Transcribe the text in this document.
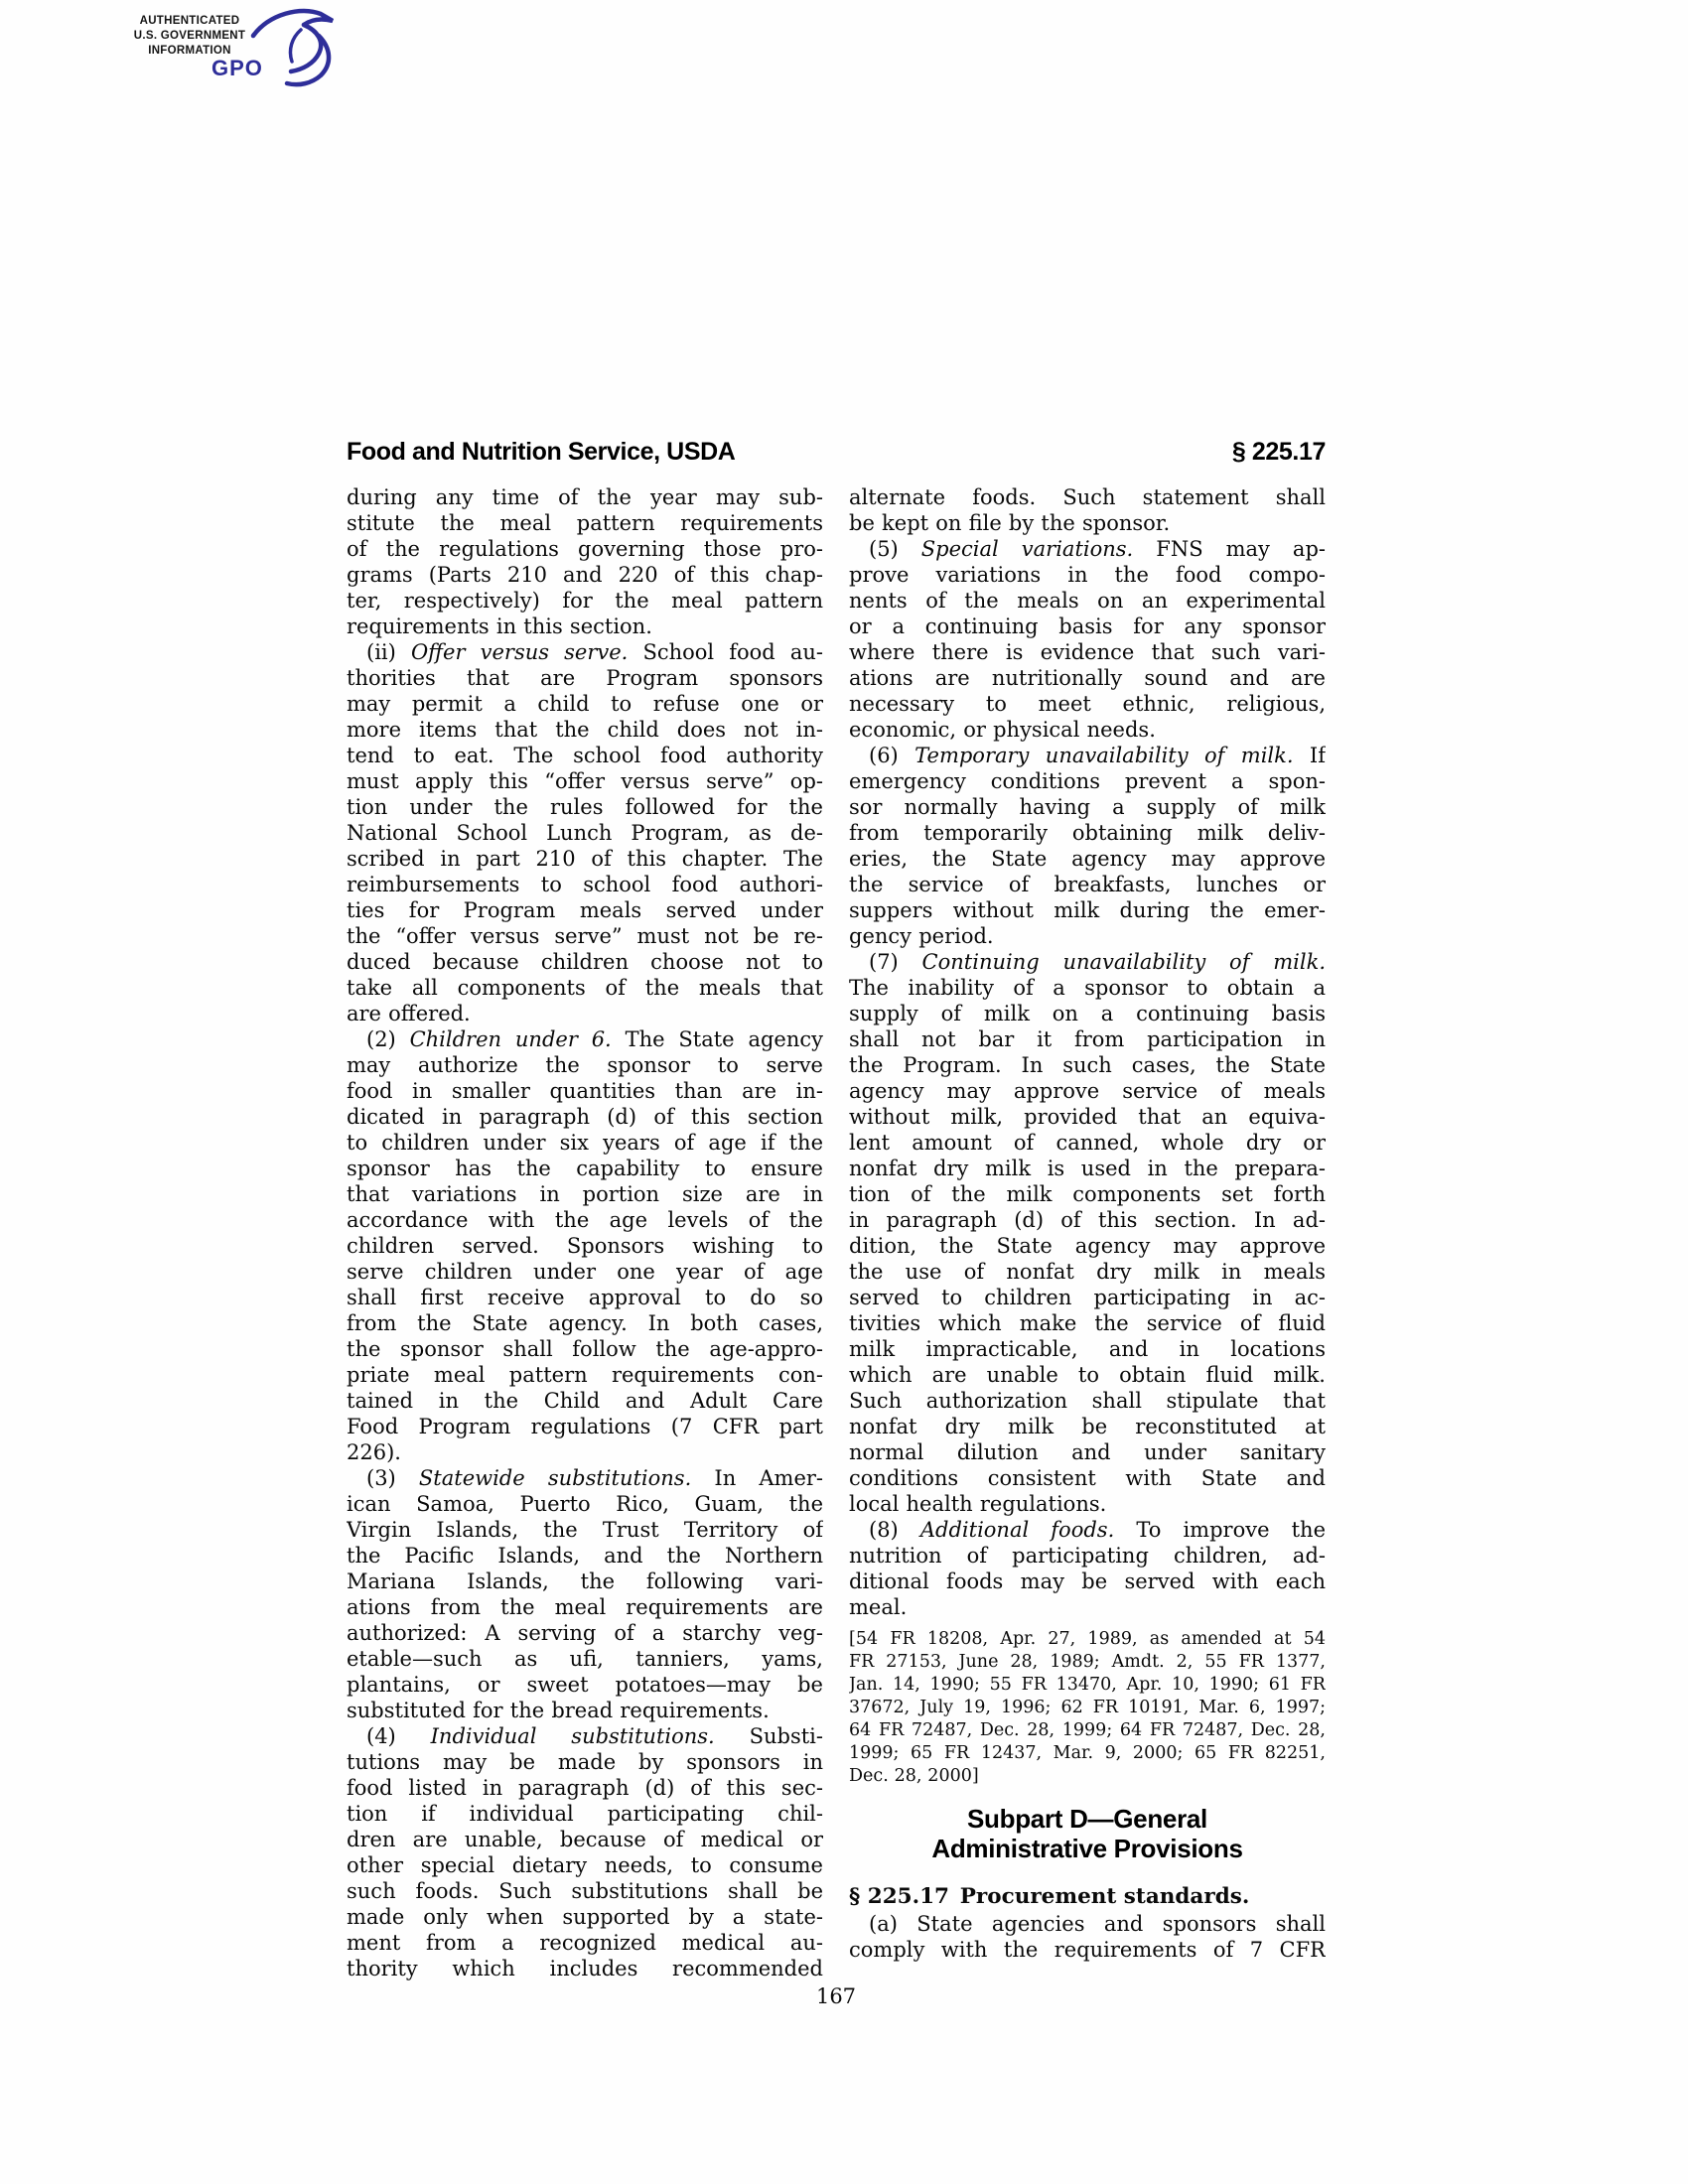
AUTHENTICATED
U.S. GOVERNMENT
INFORMATION
GPO
Food and Nutrition Service, USDA	§ 225.17
during any time of the year may sub-
stitute the meal pattern requirements
of the regulations governing those pro-
grams (Parts 210 and 220 of this chap-
ter, respectively) for the meal pattern
requirements in this section.
(ii) Offer versus serve. School food au-
thorities that are Program sponsors
may permit a child to refuse one or
more items that the child does not in-
tend to eat. The school food authority
must apply this “offer versus serve” op-
tion under the rules followed for the
National School Lunch Program, as de-
scribed in part 210 of this chapter. The
reimbursements to school food authori-
ties for Program meals served under
the “offer versus serve” must not be re-
duced because children choose not to
take all components of the meals that
are offered.
(2) Children under 6. The State agency
may authorize the sponsor to serve
food in smaller quantities than are in-
dicated in paragraph (d) of this section
to children under six years of age if the
sponsor has the capability to ensure
that variations in portion size are in
accordance with the age levels of the
children served. Sponsors wishing to
serve children under one year of age
shall first receive approval to do so
from the State agency. In both cases,
the sponsor shall follow the age-appro-
priate meal pattern requirements con-
tained in the Child and Adult Care
Food Program regulations (7 CFR part
226).
(3) Statewide substitutions. In Amer-
ican Samoa, Puerto Rico, Guam, the
Virgin Islands, the Trust Territory of
the Pacific Islands, and the Northern
Mariana Islands, the following vari-
ations from the meal requirements are
authorized: A serving of a starchy veg-
etable—such as ufi, tanniers, yams,
plantains, or sweet potatoes—may be
substituted for the bread requirements.
(4) Individual substitutions. Substi-
tutions may be made by sponsors in
food listed in paragraph (d) of this sec-
tion if individual participating chil-
dren are unable, because of medical or
other special dietary needs, to consume
such foods. Such substitutions shall be
made only when supported by a state-
ment from a recognized medical au-
thority which includes recommended
alternate foods. Such statement shall
be kept on file by the sponsor.
(5) Special variations. FNS may ap-
prove variations in the food compo-
nents of the meals on an experimental
or a continuing basis for any sponsor
where there is evidence that such vari-
ations are nutritionally sound and are
necessary to meet ethnic, religious,
economic, or physical needs.
(6) Temporary unavailability of milk. If
emergency conditions prevent a spon-
sor normally having a supply of milk
from temporarily obtaining milk deliv-
eries, the State agency may approve
the service of breakfasts, lunches or
suppers without milk during the emer-
gency period.
(7) Continuing unavailability of milk.
The inability of a sponsor to obtain a
supply of milk on a continuing basis
shall not bar it from participation in
the Program. In such cases, the State
agency may approve service of meals
without milk, provided that an equiva-
lent amount of canned, whole dry or
nonfat dry milk is used in the prepara-
tion of the milk components set forth
in paragraph (d) of this section. In ad-
dition, the State agency may approve
the use of nonfat dry milk in meals
served to children participating in ac-
tivities which make the service of fluid
milk impracticable, and in locations
which are unable to obtain fluid milk.
Such authorization shall stipulate that
nonfat dry milk be reconstituted at
normal dilution and under sanitary
conditions consistent with State and
local health regulations.
(8) Additional foods. To improve the
nutrition of participating children, ad-
ditional foods may be served with each
meal.
[54 FR 18208, Apr. 27, 1989, as amended at 54
FR 27153, June 28, 1989; Amdt. 2, 55 FR 1377,
Jan. 14, 1990; 55 FR 13470, Apr. 10, 1990; 61 FR
37672, July 19, 1996; 62 FR 10191, Mar. 6, 1997;
64 FR 72487, Dec. 28, 1999; 64 FR 72487, Dec. 28,
1999; 65 FR 12437, Mar. 9, 2000; 65 FR 82251,
Dec. 28, 2000]
Subpart D—General
Administrative Provisions
§ 225.17 Procurement standards.
(a) State agencies and sponsors shall
comply with the requirements of 7 CFR
167
